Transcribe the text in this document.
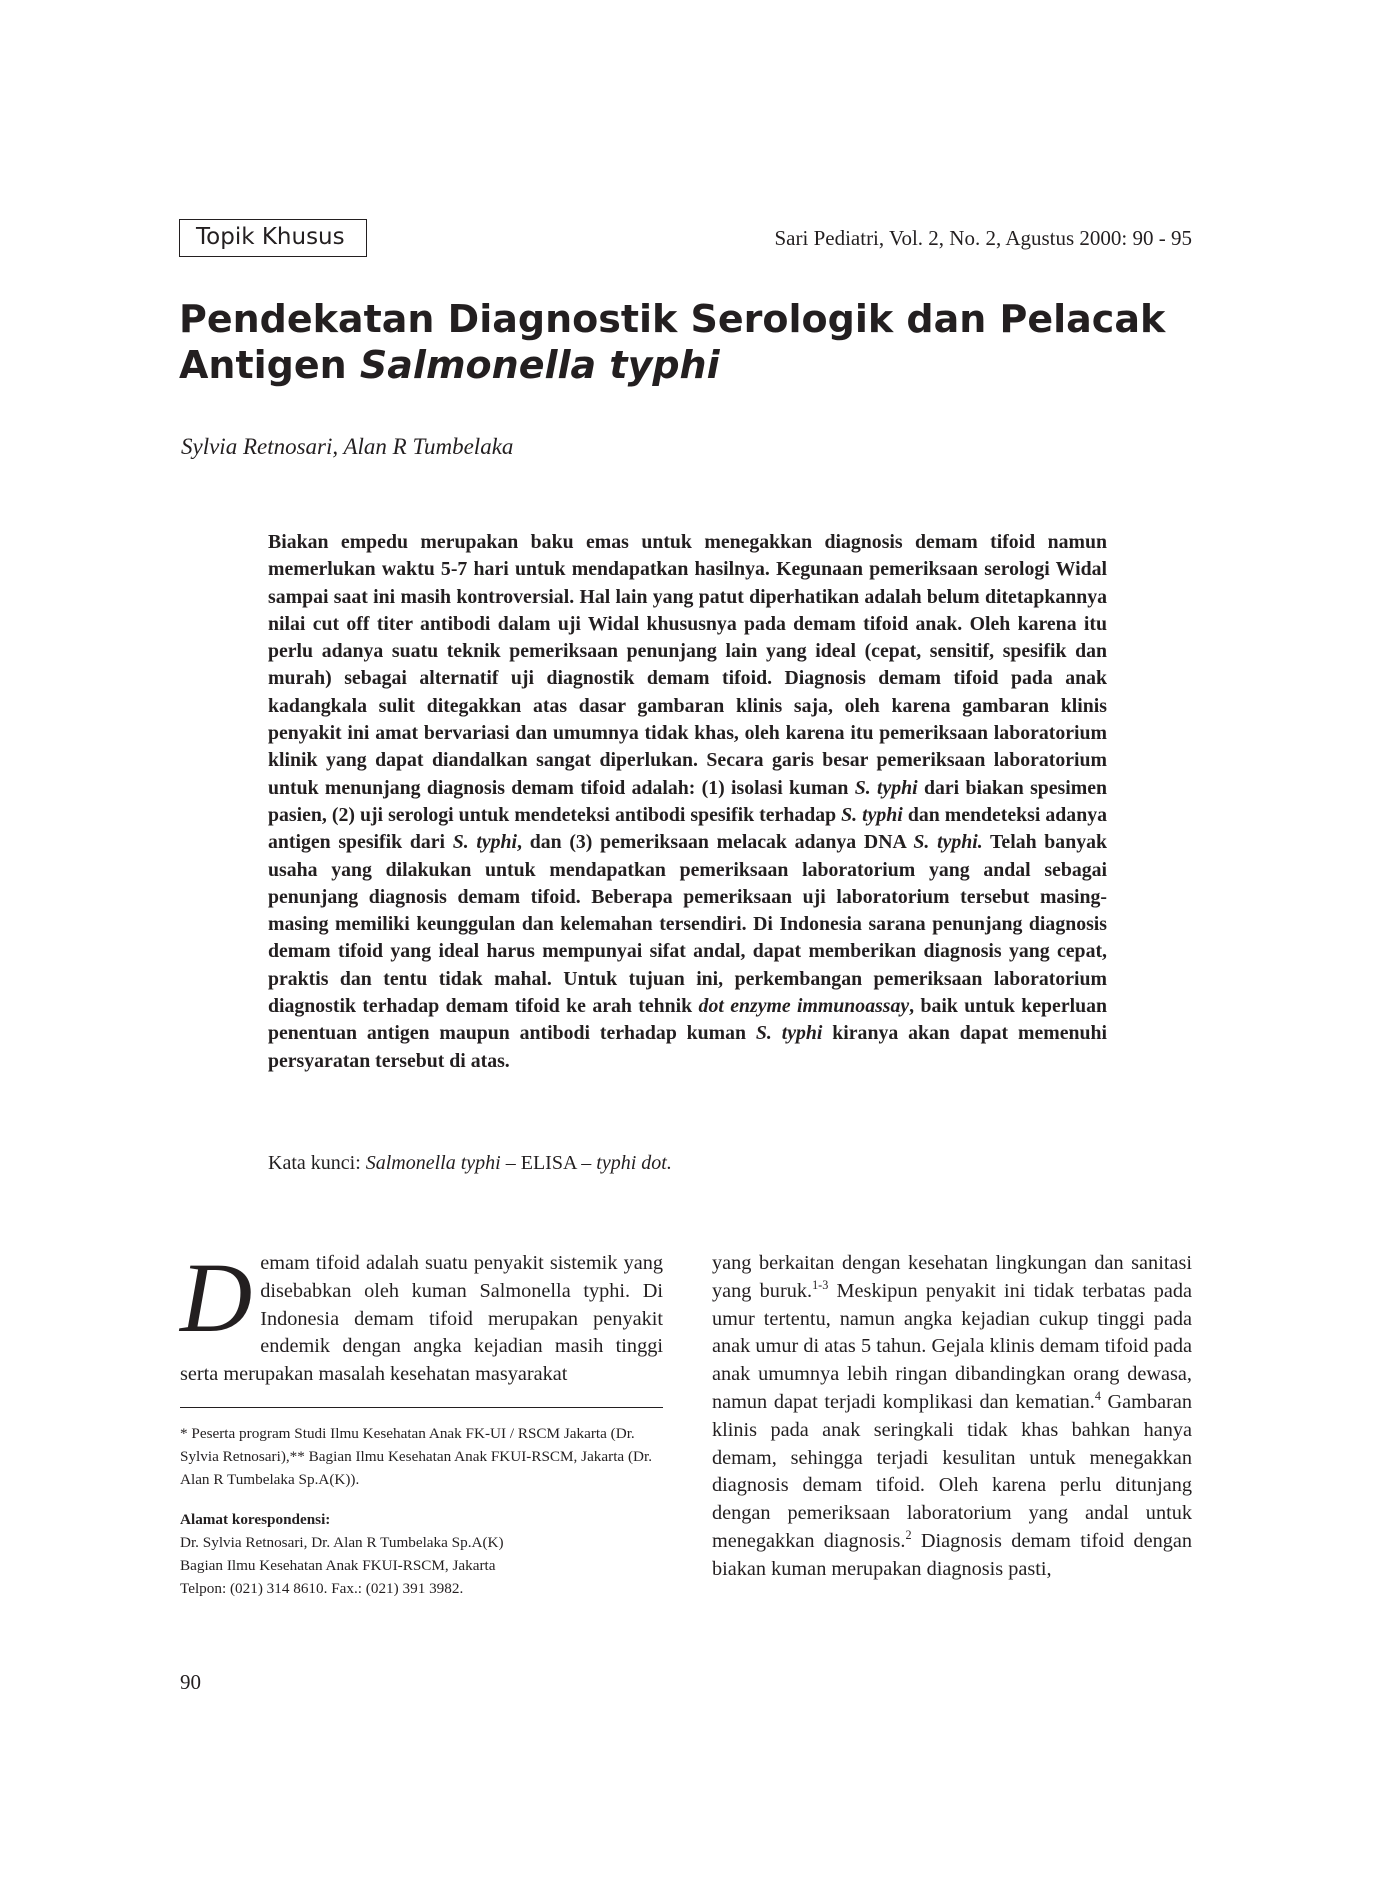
Topik Khusus	Sari Pediatri, Vol. 2, No. 2, Agustus 2000: 90 - 95
Pendekatan Diagnostik Serologik dan Pelacak
Antigen Salmonella typhi
Sylvia Retnosari, Alan R Tumbelaka

Biakan empedu merupakan baku emas untuk menegakkan diagnosis demam tifoid namun memerlukan waktu 5-7 hari untuk mendapatkan hasilnya. Kegunaan pemeriksaan serologi Widal sampai saat ini masih kontroversial. Hal lain yang patut diperhatikan adalah belum ditetapkannya nilai cut off titer antibodi dalam uji Widal khususnya pada demam tifoid anak. Oleh karena itu perlu adanya suatu teknik pemeriksaan penunjang lain yang ideal (cepat, sensitif, spesifik dan murah) sebagai alternatif uji diagnostik demam tifoid. Diagnosis demam tifoid pada anak kadangkala sulit ditegakkan atas dasar gambaran klinis saja, oleh karena gambaran klinis penyakit ini amat bervariasi dan umumnya tidak khas, oleh karena itu pemeriksaan laboratorium klinik yang dapat diandalkan sangat diperlukan. Secara garis besar pemeriksaan laboratorium untuk menunjang diagnosis demam tifoid adalah: (1) isolasi kuman S. typhi dari biakan spesimen pasien, (2) uji serologi untuk mendeteksi antibodi spesifik terhadap S. typhi dan mendeteksi adanya antigen spesifik dari S. typhi, dan (3) pemeriksaan melacak adanya DNA S. typhi. Telah banyak usaha yang dilakukan untuk mendapatkan pemeriksaan laboratorium yang andal sebagai penunjang diagnosis demam tifoid. Beberapa pemeriksaan uji laboratorium tersebut masing-masing memiliki keunggulan dan kelemahan tersendiri. Di Indonesia sarana penunjang diagnosis demam tifoid yang ideal harus mempunyai sifat andal, dapat memberikan diagnosis yang cepat, praktis dan tentu tidak mahal. Untuk tujuan ini, perkembangan pemeriksaan laboratorium diagnostik terhadap demam tifoid ke arah tehnik dot enzyme immunoassay, baik untuk keperluan penentuan antigen maupun antibodi terhadap kuman S. typhi kiranya akan dapat memenuhi persyaratan tersebut di atas.

Kata kunci: Salmonella typhi – ELISA – typhi dot.

Demam tifoid adalah suatu penyakit sistemik yang disebabkan oleh kuman Salmonella typhi. Di Indonesia demam tifoid merupakan penyakit endemik dengan angka kejadian masih tinggi serta merupakan masalah kesehatan masyarakat

yang berkaitan dengan kesehatan lingkungan dan sanitasi yang buruk.$^{1-3}$ Meskipun penyakit ini tidak terbatas pada umur tertentu, namun angka kejadian cukup tinggi pada anak umur di atas 5 tahun. Gejala klinis demam tifoid pada anak umumnya lebih ringan dibandingkan orang dewasa, namun dapat terjadi komplikasi dan kematian.$^4$ Gambaran klinis pada anak seringkali tidak khas bahkan hanya demam, sehingga terjadi kesulitan untuk menegakkan diagnosis demam tifoid. Oleh karena perlu ditunjang dengan pemeriksaan laboratorium yang andal untuk menegakkan diagnosis.$^2$ Diagnosis demam tifoid dengan biakan kuman merupakan diagnosis pasti,

* Peserta program Studi Ilmu Kesehatan Anak FK-UI / RSCM Jakarta (Dr. Sylvia Retnosari),** Bagian Ilmu Kesehatan Anak FKUI-RSCM, Jakarta (Dr. Alan R Tumbelaka Sp.A(K)).
Alamat korespondensi:
Dr. Sylvia Retnosari, Dr. Alan R Tumbelaka Sp.A(K)
Bagian Ilmu Kesehatan Anak FKUI-RSCM, Jakarta
Telpon: (021) 314 8610. Fax.: (021) 391 3982.
90
